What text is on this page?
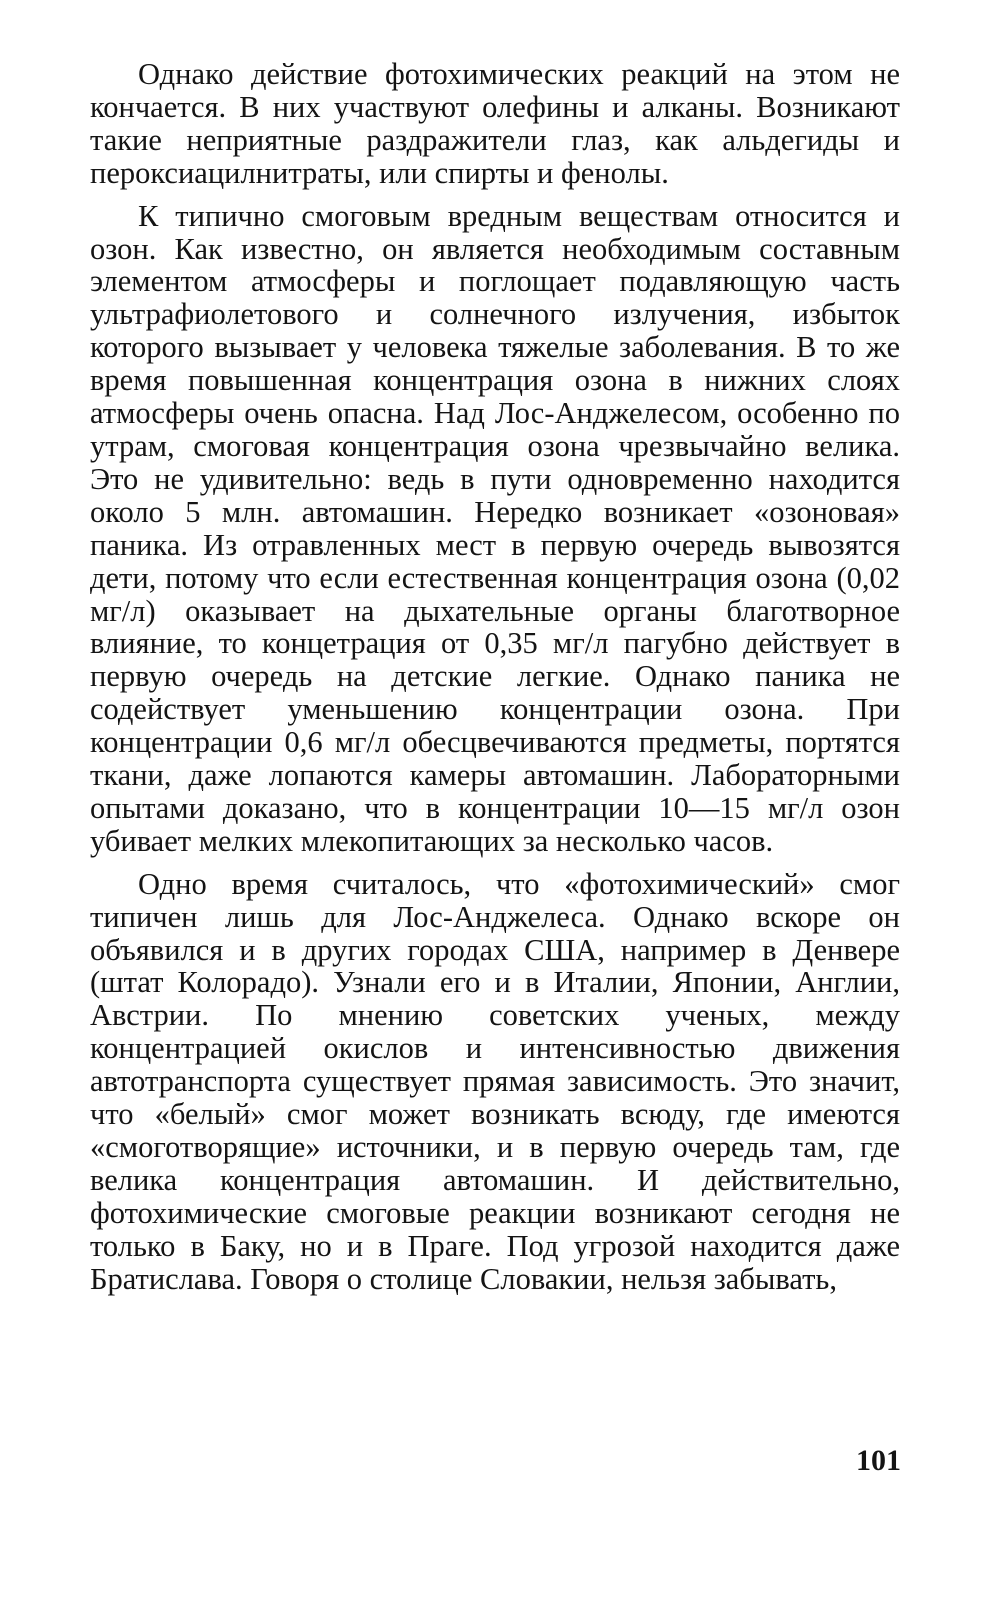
Однако действие фотохимических реакций на этом не кончается. В них участвуют олефины и алканы. Возникают такие неприятные раздражители глаз, как альдегиды и пероксиацилнитраты, или спирты и фенолы.

К типично смоговым вредным веществам относится и озон. Как известно, он является необходимым составным элементом атмосферы и поглощает подавляющую часть ультрафиолетового и солнечного излучения, избыток которого вызывает у человека тяжелые заболевания. В то же время повышенная концентрация озона в нижних слоях атмосферы очень опасна. Над Лос-Анджелесом, особенно по утрам, смоговая концентрация озона чрезвычайно велика. Это не удивительно: ведь в пути одновременно находится около 5 млн. автомашин. Нередко возникает «озоновая» паника. Из отравленных мест в первую очередь вывозятся дети, потому что если естественная концентрация озона (0,02 мг/л) оказывает на дыхательные органы благотворное влияние, то концетрация от 0,35 мг/л пагубно действует в первую очередь на детские легкие. Однако паника не содействует уменьшению концентрации озона. При концентрации 0,6 мг/л обесцвечиваются предметы, портятся ткани, даже лопаются камеры автомашин. Лабораторными опытами доказано, что в концентрации 10—15 мг/л озон убивает мелких млекопитающих за несколько часов.

Одно время считалось, что «фотохимический» смог типичен лишь для Лос-Анджелеса. Однако вскоре он объявился и в других городах США, например в Денвере (штат Колорадо). Узнали его и в Италии, Японии, Англии, Австрии. По мнению советских ученых, между концентрацией окислов и интенсивностью движения автотранспорта существует прямая зависимость. Это значит, что «белый» смог может возникать всюду, где имеются «смоготворящие» источники, и в первую очередь там, где велика концентрация автомашин. И действительно, фотохимические смоговые реакции возникают сегодня не только в Баку, но и в Праге. Под угрозой находится даже Братислава. Говоря о столице Словакии, нельзя забывать,

101
